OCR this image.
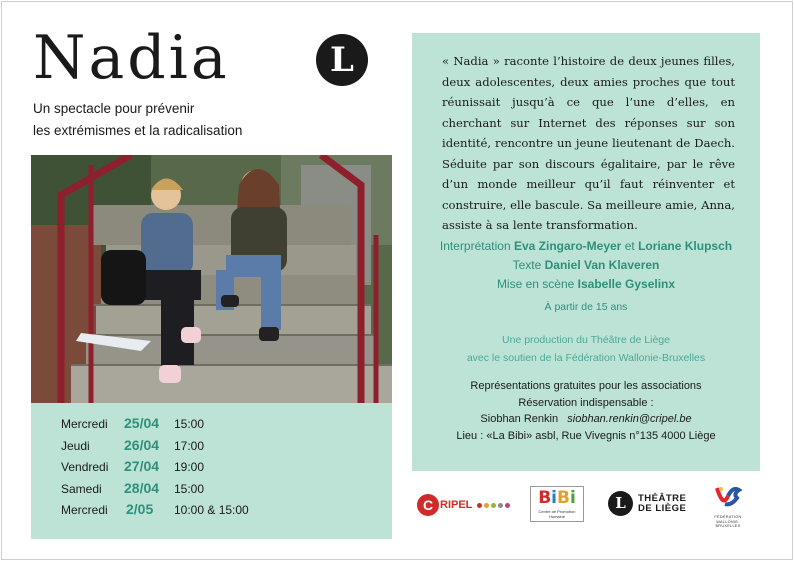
Nadia	L
Un spectacle pour prévenir
les extrémismes et la radicalisation
Mercredi	25/04	15:00
Jeudi	26/04	17:00
Vendredi	27/04	19:00
Samedi	28/04	15:00
Mercredi	2/05	10:00 & 15:00

« Nadia » raconte l’histoire de deux jeunes filles, deux adolescentes, deux amies proches que tout réunissait jusqu’à ce que l’une d’elles, en cherchant sur Internet des réponses sur son identité, rencontre un jeune lieutenant de Daech. Séduite par son discours égalitaire, par le rêve d’un monde meilleur qu’il faut réinventer et construire, elle bascule. Sa meilleure amie, Anna, assiste à sa lente transformation.

Interprétation Eva Zingaro-Meyer et Loriane Klupsch
Texte Daniel Van Klaveren
Mise en scène Isabelle Gyselinx
À partir de 15 ans
Une production du Théâtre de Liège
avec le soutien de la Fédération Wallonie-Bruxelles
Représentations gratuites pour les associations
Réservation indispensable :
Siobhan Renkin siobhan.renkin@cripel.be
Lieu : «La Bibi» asbl, Rue Vivegnis n°135 4000 Liège
C RIPEL	BiBi
Centre de Promotion Humaine
L	THÉÂTRE
DE LIÈGE
FÉDÉRATION
WALLONIE-BRUXELLES
